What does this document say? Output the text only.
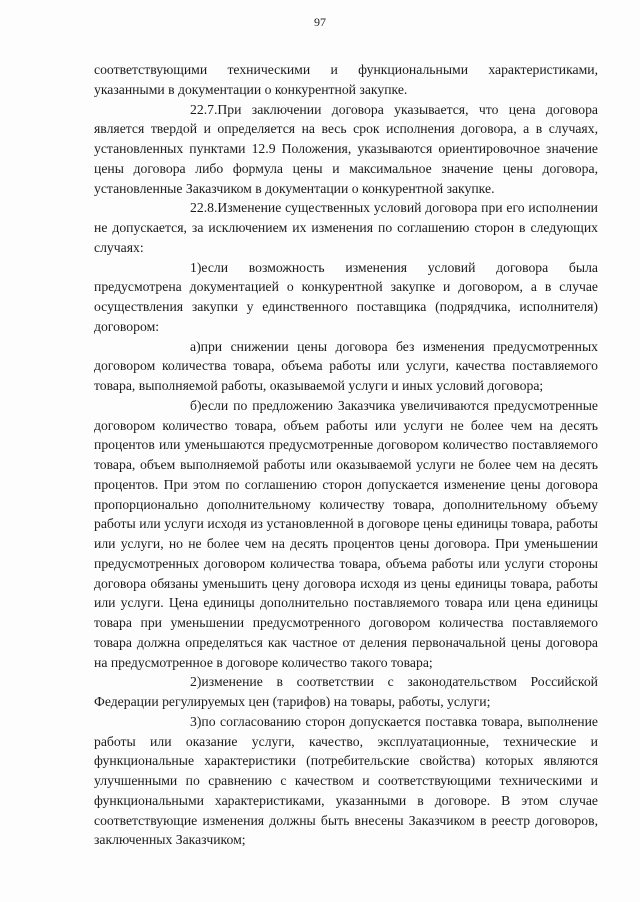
97

соответствующими техническими и функциональными характеристиками, указанными в документации о конкурентной закупке.

22.7.При заключении договора указывается, что цена договора является твердой и определяется на весь срок исполнения договора, а в случаях, установленных пунктами 12.9 Положения, указываются ориентировочное значение цены договора либо формула цены и максимальное значение цены договора, установленные Заказчиком в документации о конкурентной закупке.

22.8.Изменение существенных условий договора при его исполнении не допускается, за исключением их изменения по соглашению сторон в следующих случаях:

1)если возможность изменения условий договора была предусмотрена документацией о конкурентной закупке и договором, а в случае осуществления закупки у единственного поставщика (подрядчика, исполнителя) договором:

а)при снижении цены договора без изменения предусмотренных договором количества товара, объема работы или услуги, качества поставляемого товара, выполняемой работы, оказываемой услуги и иных условий договора;

б)если по предложению Заказчика увеличиваются предусмотренные договором количество товара, объем работы или услуги не более чем на десять процентов или уменьшаются предусмотренные договором количество поставляемого товара, объем выполняемой работы или оказываемой услуги не более чем на десять процентов. При этом по соглашению сторон допускается изменение цены договора пропорционально дополнительному количеству товара, дополнительному объему работы или услуги исходя из установленной в договоре цены единицы товара, работы или услуги, но не более чем на десять процентов цены договора. При уменьшении предусмотренных договором количества товара, объема работы или услуги стороны договора обязаны уменьшить цену договора исходя из цены единицы товара, работы или услуги. Цена единицы дополнительно поставляемого товара или цена единицы товара при уменьшении предусмотренного договором количества поставляемого товара должна определяться как частное от деления первоначальной цены договора на предусмотренное в договоре количество такого товара;

2)изменение в соответствии с законодательством Российской Федерации регулируемых цен (тарифов) на товары, работы, услуги;

3)по согласованию сторон допускается поставка товара, выполнение работы или оказание услуги, качество, эксплуатационные, технические и функциональные характеристики (потребительские свойства) которых являются улучшенными по сравнению с качеством и соответствующими техническими и функциональными характеристиками, указанными в договоре. В этом случае соответствующие изменения должны быть внесены Заказчиком в реестр договоров, заключенных Заказчиком;
